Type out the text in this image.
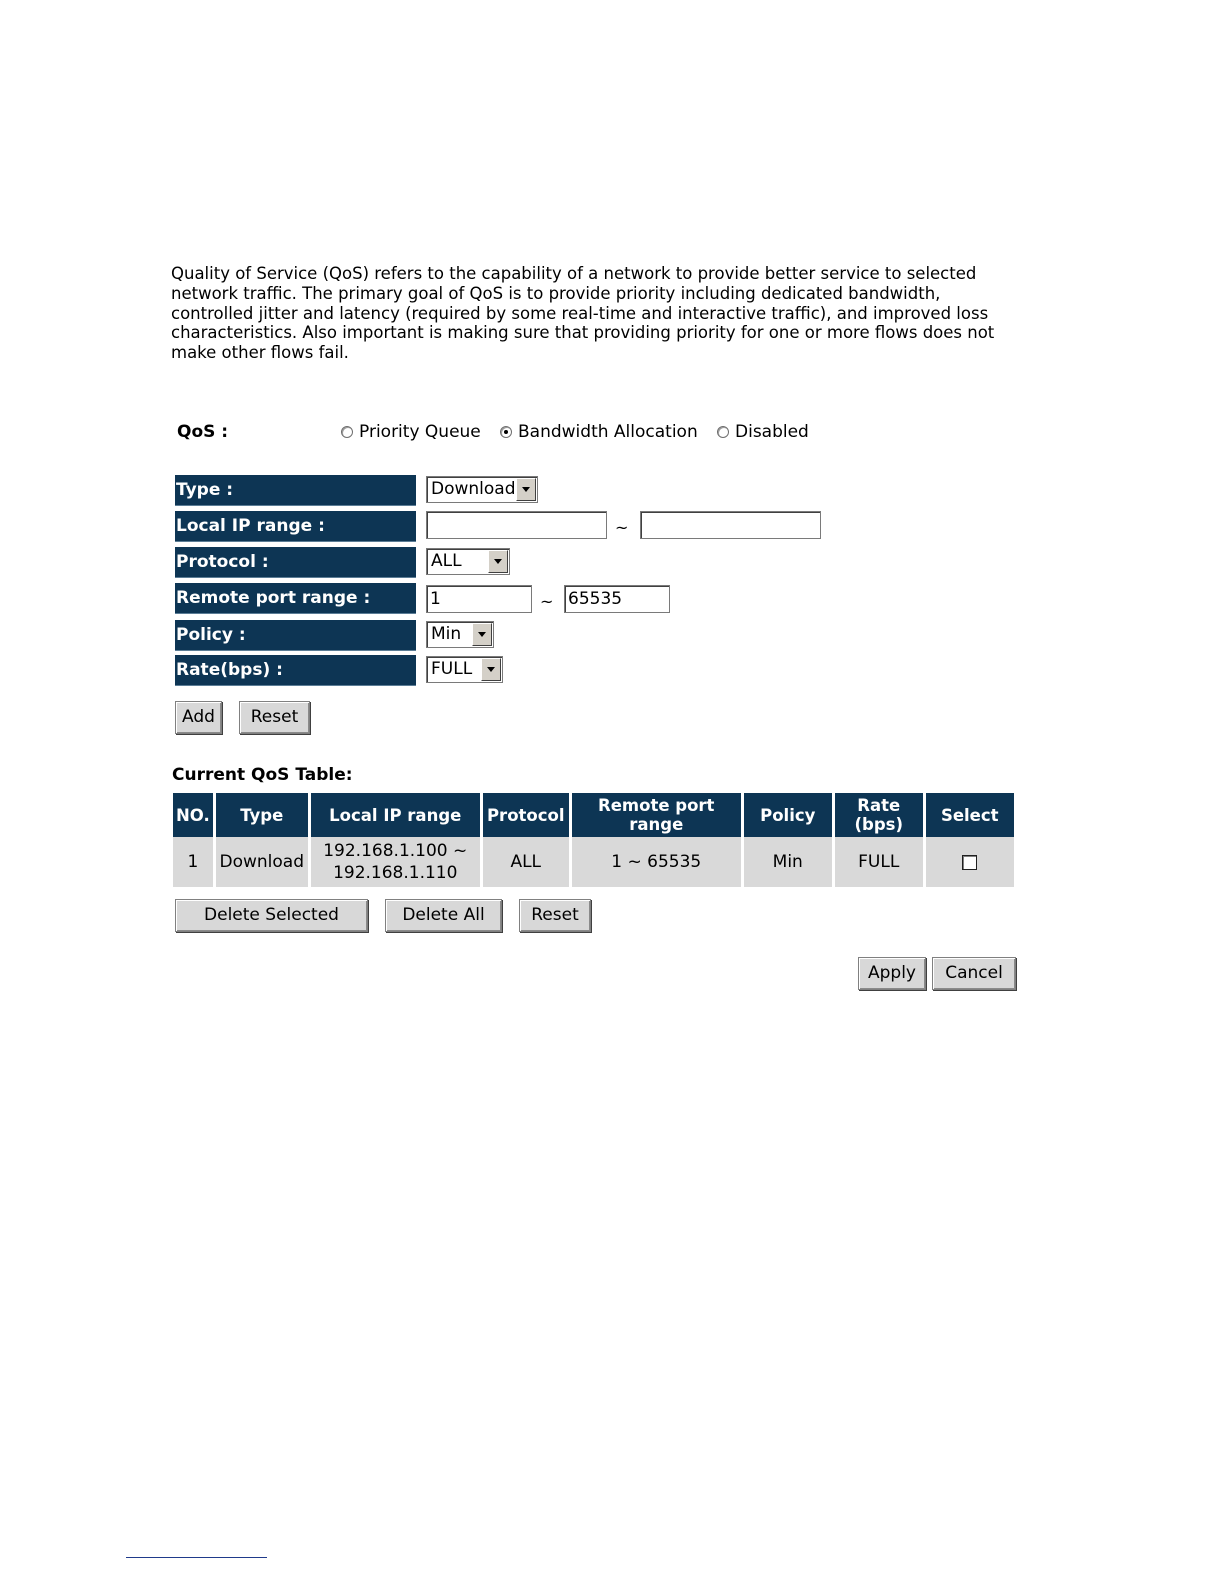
Quality of Service (QoS) refers to the capability of a network to provide better service to selected network traffic. The primary goal of QoS is to provide priority including dedicated bandwidth, controlled jitter and latency (required by some real-time and interactive traffic), and improved loss characteristics. Also important is making sure that providing priority for one or more flows does not make other flows fail.

QoS :	Priority Queue Bandwidth Allocation Disabled
Type :	Download
Local IP range :	~
Protocol :	ALL
Remote port range :	1	~ 65535
Policy :	Min
Rate(bps) :	FULL
Add	Reset
Current QoS Table:
NO.	Type	Local IP range	Protocol	Remote port range	Policy	Rate (bps)	Select
1	Download	192.168.1.100 ~ 192.168.1.110	ALL	1 ~ 65535	Min	FULL	
Delete Selected	Delete All	Reset
Apply	Cancel
